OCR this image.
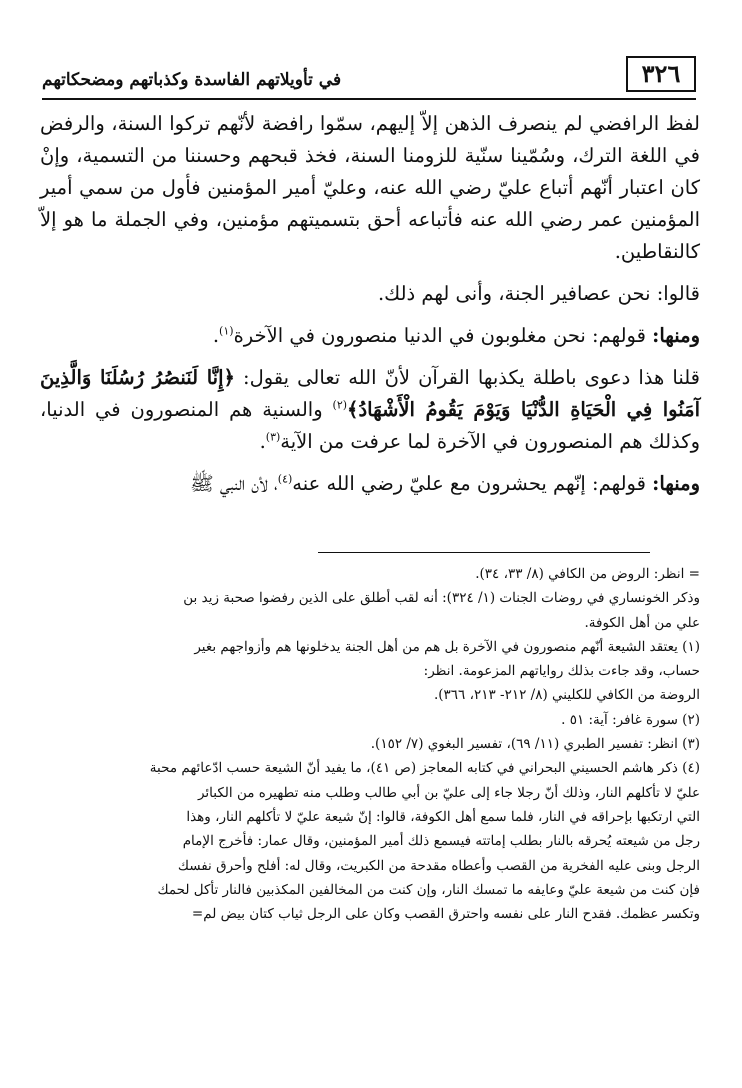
٣٢٦
في تأويلاتهم الفاسدة وكذباتهم ومضحكاتهم

لفظ الرافضي لم ينصرف الذهن إلاّ إليهم، سمّوا رافضة لأنّهم تركوا السنة، والرفض في اللغة الترك، وسُمّينا سنّية للزومنا السنة، فخذ قبحهم وحسننا من التسمية، وإنْ كان اعتبار أنّهم أتباع عليّ رضي الله عنه، وعليّ أمير المؤمنين فأول من سمي أمير المؤمنين عمر رضي الله عنه فأتباعه أحق بتسميتهم مؤمنين، وفي الجملة ما هو إلاّ كالنقاطين.

قالوا: نحن عصافير الجنة، وأنى لهم ذلك.

ومنها: قولهم: نحن مغلوبون في الدنيا منصورون في الآخرة$^{(١)}$.

قلنا هذا دعوى باطلة يكذبها القرآن لأنّ الله تعالى يقول: ﴿إِنَّا لَنَنصُرُ رُسُلَنَا وَالَّذِينَ آمَنُوا فِي الْحَيَاةِ الدُّنْيَا وَيَوْمَ يَقُومُ الْأَشْهَادُ﴾$^{(٢)}$ والسنية هم المنصورون في الدنيا، وكذلك هم المنصورون في الآخرة لما عرفت من الآية$^{(٣)}$.

ومنها: قولهم: إنّهم يحشرون مع عليّ رضي الله عنه$^{(٤)}$، لأن النبي ﷺ

= انظر: الروض من الكافي (٨/ ٣٣، ٣٤).
وذكر الخونساري في روضات الجنات (١/ ٣٢٤): أنه لقب أطلق على الذين رفضوا صحبة زيد بن
علي من أهل الكوفة.
(١) يعتقد الشيعة أنّهم منصورون في الآخرة بل هم من أهل الجنة يدخلونها هم وأزواجهم بغير
حساب، وقد جاءت بذلك رواياتهم المزعومة. انظر:
الروضة من الكافي للكليني (٨/ ٢١٢- ٢١٣، ٣٦٦).
(٢) سورة غافر: آية: ٥١ .
(٣) انظر: تفسير الطبري (١١/ ٦٩)، تفسير البغوي (٧/ ١٥٢).
(٤) ذكر هاشم الحسيني البحراني في كتابه المعاجز (ص ٤١)، ما يفيد أنّ الشيعة حسب ادّعائهم محبة
عليّ لا تأكلهم النار، وذلك أنّ رجلا جاء إلى عليّ بن أبي طالب وطلب منه تطهيره من الكبائر
التي ارتكبها بإحراقه في النار، فلما سمع أهل الكوفة، قالوا: إنّ شيعة عليّ لا تأكلهم النار، وهذا
رجل من شيعته يُحرقه بالنار بطلب إماتته فيسمع ذلك أمير المؤمنين، وقال عمار: فأخرج الإمام
الرجل وبنى عليه الفخرية من القصب وأعطاه مقدحة من الكبريت، وقال له: أفلح وأحرق نفسك
فإن كنت من شيعة عليّ وعايفه ما تمسك النار، وإن كنت من المخالفين المكذبين فالنار تأكل لحمك
وتكسر عظمك. فقدح النار على نفسه واحترق القصب وكان على الرجل ثياب كتان بيض لم=
